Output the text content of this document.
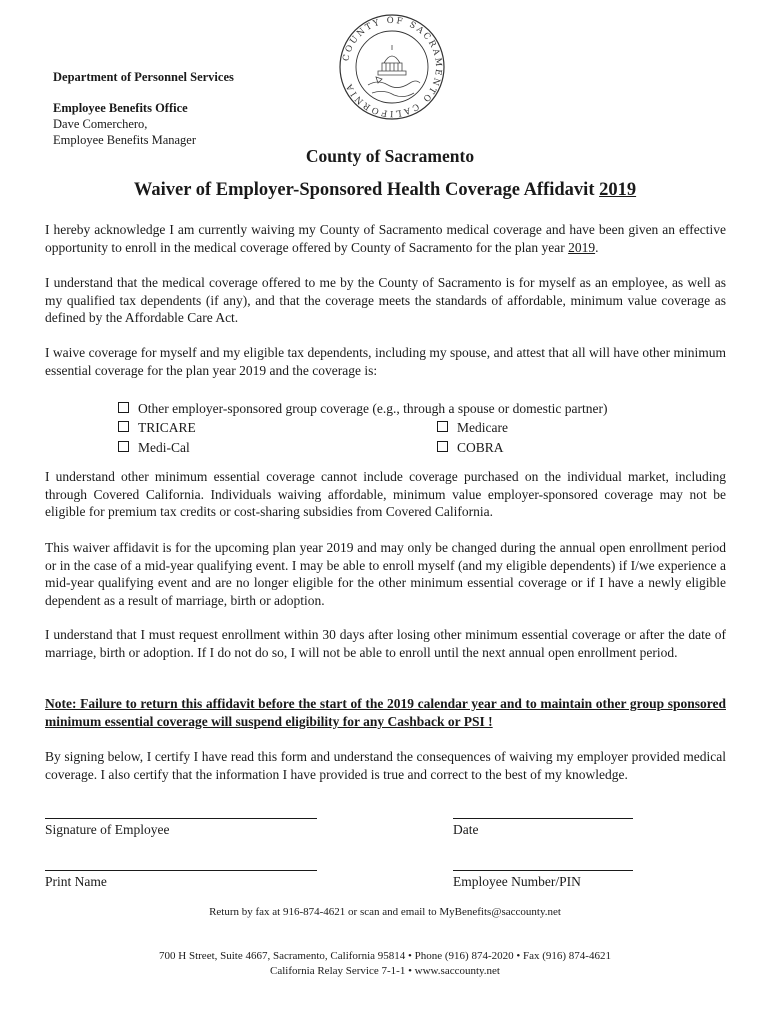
Department of Personnel Services
Employee Benefits Office
Dave Comerchero,
Employee Benefits Manager
COUNTY OF SACRAMENTO CALIFORNIA
County of Sacramento
Waiver of Employer-Sponsored Health Coverage Affidavit 2019

I hereby acknowledge I am currently waiving my County of Sacramento medical coverage and have been given an effective opportunity to enroll in the medical coverage offered by County of Sacramento for the plan year 2019.

I understand that the medical coverage offered to me by the County of Sacramento is for myself as an employee, as well as my qualified tax dependents (if any), and that the coverage meets the standards of affordable, minimum value coverage as defined by the Affordable Care Act.

I waive coverage for myself and my eligible tax dependents, including my spouse, and attest that all will have other minimum essential coverage for the plan year 2019 and the coverage is:

Other employer-sponsored group coverage (e.g., through a spouse or domestic partner)
TRICARE
Medi-Cal
Medicare
COBRA

I understand other minimum essential coverage cannot include coverage purchased on the individual market, including through Covered California. Individuals waiving affordable, minimum value employer-sponsored coverage may not be eligible for premium tax credits or cost-sharing subsidies from Covered California.

This waiver affidavit is for the upcoming plan year 2019 and may only be changed during the annual open enrollment period or in the case of a mid-year qualifying event. I may be able to enroll myself (and my eligible dependents) if I/we experience a mid-year qualifying event and are no longer eligible for the other minimum essential coverage or if I have a newly eligible dependent as a result of marriage, birth or adoption.

I understand that I must request enrollment within 30 days after losing other minimum essential coverage or after the date of marriage, birth or adoption. If I do not do so, I will not be able to enroll until the next annual open enrollment period.

Note: Failure to return this affidavit before the start of the 2019 calendar year and to maintain other group sponsored minimum essential coverage will suspend eligibility for any Cashback or PSI !

By signing below, I certify I have read this form and understand the consequences of waiving my employer provided medical coverage. I also certify that the information I have provided is true and correct to the best of my knowledge.

Signature of Employee	Date
Print Name	Employee Number/PIN
Return by fax at 916-874-4621 or scan and email to MyBenefits@saccounty.net
700 H Street, Suite 4667, Sacramento, California 95814 • Phone (916) 874-2020 • Fax (916) 874-4621
California Relay Service 7-1-1 • www.saccounty.net
